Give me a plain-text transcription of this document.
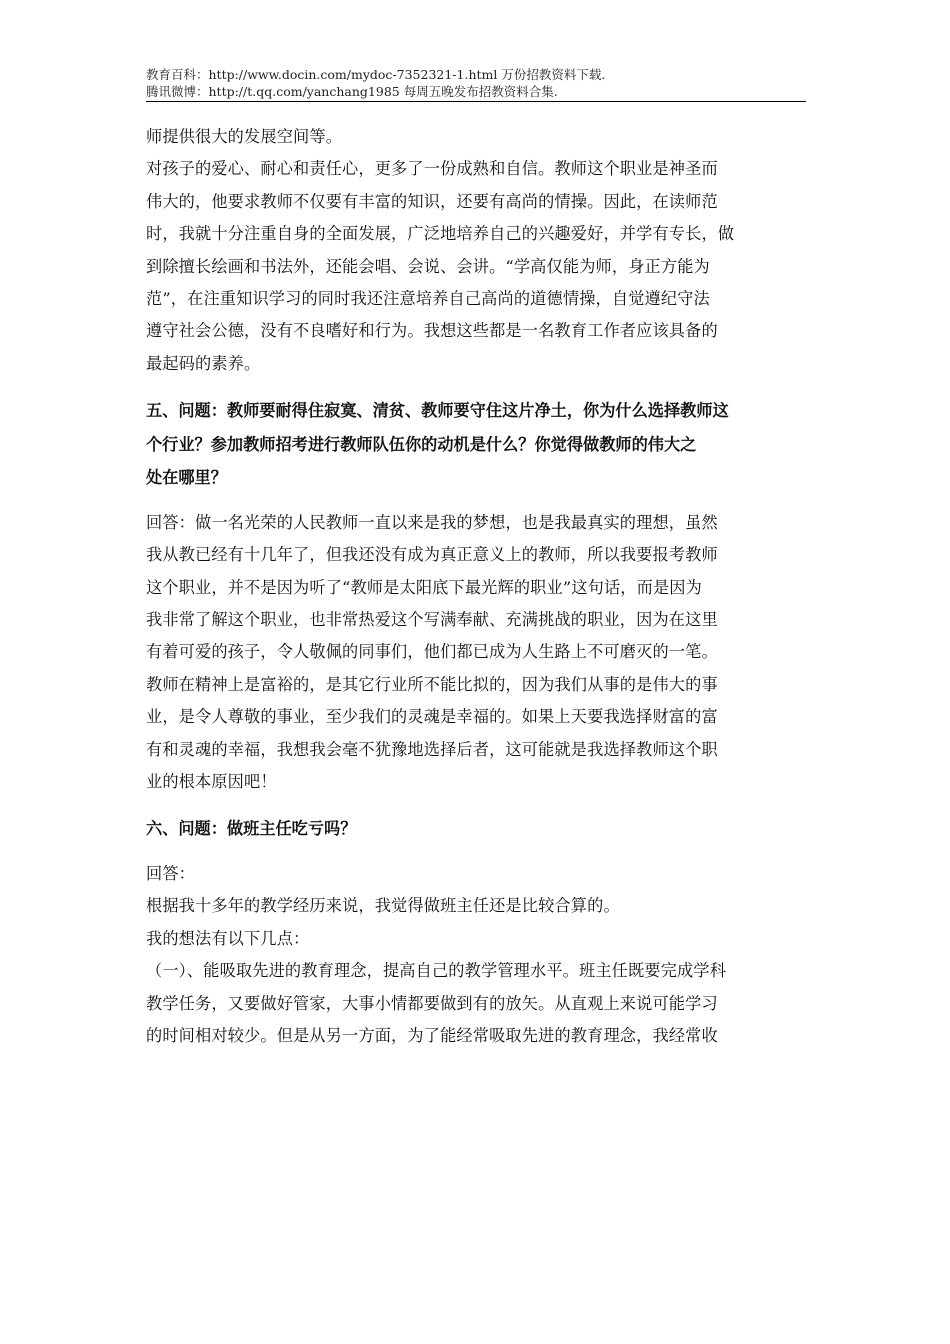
教育百科：http://www.docin.com/mydoc-7352321-1.html 万份招教资料下载.
腾讯微博：http://t.qq.com/yanchang1985 每周五晚发布招教资料合集.

师提供很大的发展空间等。

对孩子的爱心、耐心和责任心，更多了一份成熟和自信。教师这个职业是神圣而

伟大的，他要求教师不仅要有丰富的知识，还要有高尚的情操。因此，在读师范

时，我就十分注重自身的全面发展，广泛地培养自己的兴趣爱好，并学有专长，做

到除擅长绘画和书法外，还能会唱、会说、会讲。“学高仅能为师，身正方能为

范”，在注重知识学习的同时我还注意培养自己高尚的道德情操，自觉遵纪守法

遵守社会公德，没有不良嗜好和行为。我想这些都是一名教育工作者应该具备的

最起码的素养。

五、问题：教师要耐得住寂寞、清贫、教师要守住这片净土，你为什么选择教师这

个行业？参加教师招考进行教师队伍你的动机是什么？你觉得做教师的伟大之

处在哪里？

回答：做一名光荣的人民教师一直以来是我的梦想，也是我最真实的理想，虽然

我从教已经有十几年了，但我还没有成为真正意义上的教师，所以我要报考教师

这个职业，并不是因为听了“教师是太阳底下最光辉的职业”这句话，而是因为

我非常了解这个职业，也非常热爱这个写满奉献、充满挑战的职业，因为在这里

有着可爱的孩子，令人敬佩的同事们，他们都已成为人生路上不可磨灭的一笔。

教师在精神上是富裕的，是其它行业所不能比拟的，因为我们从事的是伟大的事

业，是令人尊敬的事业，至少我们的灵魂是幸福的。如果上天要我选择财富的富

有和灵魂的幸福，我想我会毫不犹豫地选择后者，这可能就是我选择教师这个职

业的根本原因吧！

六、问题：做班主任吃亏吗？

回答：

根据我十多年的教学经历来说，我觉得做班主任还是比较合算的。

我的想法有以下几点：

（一）、能吸取先进的教育理念，提高自己的教学管理水平。班主任既要完成学科

教学任务，又要做好管家，大事小情都要做到有的放矢。从直观上来说可能学习

的时间相对较少。但是从另一方面，为了能经常吸取先进的教育理念，我经常收
